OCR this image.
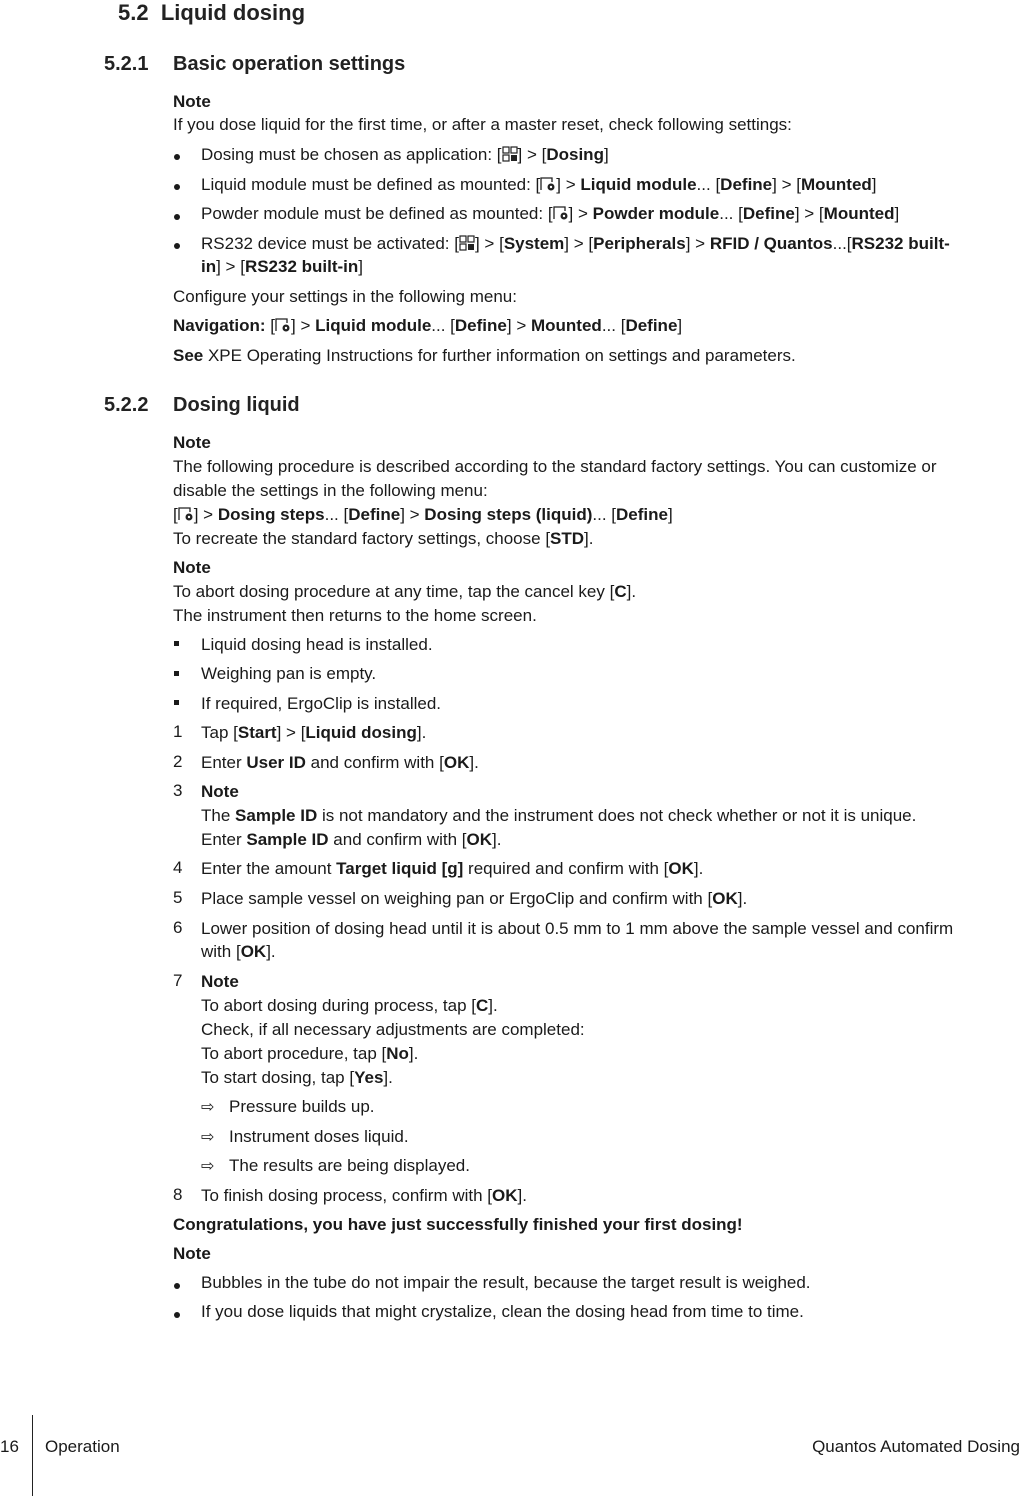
5.2 Liquid dosing
5.2.1 Basic operation settings
Note
If you dose liquid for the first time, or after a master reset, check following settings:
Dosing must be chosen as application: [ ] > [Dosing]
Liquid module must be defined as mounted: [ ] > Liquid module... [Define] > [Mounted]
Powder module must be defined as mounted: [ ] > Powder module... [Define] > [Mounted]
RS232 device must be activated: [ ] > [System] > [Peripherals] > RFID / Quantos...[RS232 built-
in] > [RS232 built-in]
Configure your settings in the following menu:
Navigation: [ ] > Liquid module... [Define] > Mounted... [Define]
See XPE Operating Instructions for further information on settings and parameters.
5.2.2 Dosing liquid
Note
The following procedure is described according to the standard factory settings. You can customize or
disable the settings in the following menu:
[ ] > Dosing steps... [Define] > Dosing steps (liquid)... [Define]
To recreate the standard factory settings, choose [STD].
Note
To abort dosing procedure at any time, tap the cancel key [C].
The instrument then returns to the home screen.
Liquid dosing head is installed.
Weighing pan is empty.
If required, ErgoClip is installed.
1 Tap [Start] > [Liquid dosing].
2 Enter User ID and confirm with [OK].
3 Note
The Sample ID is not mandatory and the instrument does not check whether or not it is unique.
Enter Sample ID and confirm with [OK].
4 Enter the amount Target liquid [g] required and confirm with [OK].
5 Place sample vessel on weighing pan or ErgoClip and confirm with [OK].
6 Lower position of dosing head until it is about 0.5 mm to 1 mm above the sample vessel and confirm
with [OK].
7 Note
To abort dosing during process, tap [C].
Check, if all necessary adjustments are completed:
To abort procedure, tap [No].
To start dosing, tap [Yes].
⇨ Pressure builds up.
⇨ Instrument doses liquid.
⇨ The results are being displayed.
8 To finish dosing process, confirm with [OK].
Congratulations, you have just successfully finished your first dosing!
Note
Bubbles in the tube do not impair the result, because the target result is weighed.
If you dose liquids that might crystalize, clean the dosing head from time to time.
16 Operation	Quantos Automated Dosing
